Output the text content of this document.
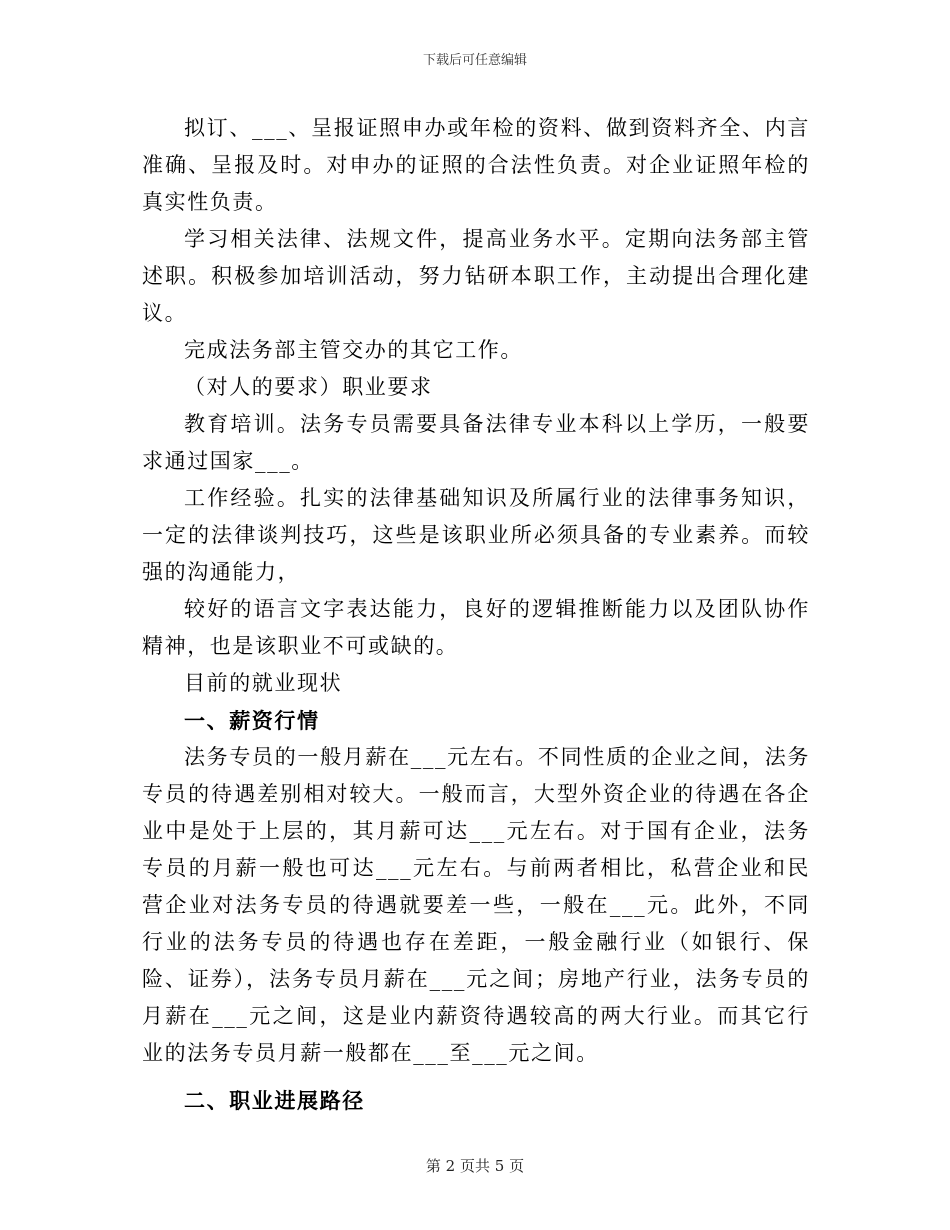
下载后可任意编辑

拟订、___、呈报证照申办或年检的资料、做到资料齐全、内言准确、呈报及时。对申办的证照的合法性负责。对企业证照年检的真实性负责。

学习相关法律、法规文件，提高业务水平。定期向法务部主管述职。积极参加培训活动，努力钻研本职工作，主动提出合理化建议。

完成法务部主管交办的其它工作。

（对人的要求）职业要求

教育培训。法务专员需要具备法律专业本科以上学历，一般要求通过国家___。

工作经验。扎实的法律基础知识及所属行业的法律事务知识，一定的法律谈判技巧，这些是该职业所必须具备的专业素养。而较强的沟通能力，

较好的语言文字表达能力，良好的逻辑推断能力以及团队协作精神，也是该职业不可或缺的。

目前的就业现状

一、薪资行情

法务专员的一般月薪在___元左右。不同性质的企业之间，法务专员的待遇差别相对较大。一般而言，大型外资企业的待遇在各企业中是处于上层的，其月薪可达___元左右。对于国有企业，法务专员的月薪一般也可达___元左右。与前两者相比，私营企业和民营企业对法务专员的待遇就要差一些，一般在___元。此外，不同行业的法务专员的待遇也存在差距，一般金融行业（如银行、保险、证券），法务专员月薪在___元之间；房地产行业，法务专员的月薪在___元之间，这是业内薪资待遇较高的两大行业。而其它行业的法务专员月薪一般都在___至___元之间。

二、职业进展路径

第 2 页共 5 页
